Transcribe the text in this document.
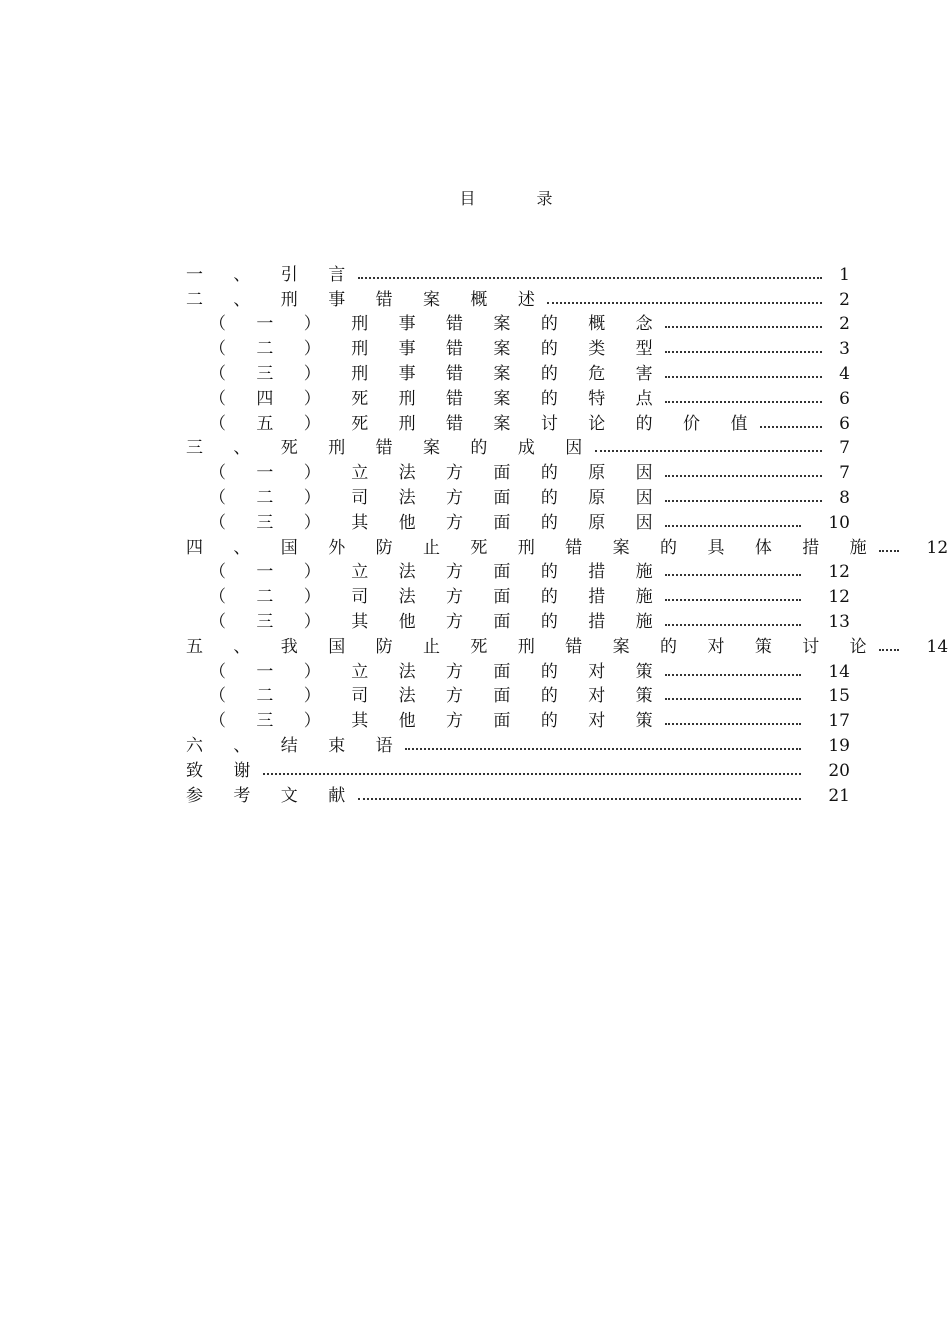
目 录
一 、 引 言	1
二 、 刑 事 错 案 概 述	2
（ 一 ） 刑 事 错 案 的 概 念	2
（ 二 ） 刑 事 错 案 的 类 型	3
（ 三 ） 刑 事 错 案 的 危 害	4
（ 四 ） 死 刑 错 案 的 特 点	6
（ 五 ） 死 刑 错 案 讨 论 的 价 值	6
三 、 死 刑 错 案 的 成 因	7
（ 一 ） 立 法 方 面 的 原 因	7
（ 二 ） 司 法 方 面 的 原 因	8
（ 三 ） 其 他 方 面 的 原 因	10
四 、 国 外 防 止 死 刑 错 案 的 具 体 措 施	12
（ 一 ） 立 法 方 面 的 措 施	12
（ 二 ） 司 法 方 面 的 措 施	12
（ 三 ） 其 他 方 面 的 措 施	13
五 、 我 国 防 止 死 刑 错 案 的 对 策 讨 论	14
（ 一 ） 立 法 方 面 的 对 策	14
（ 二 ） 司 法 方 面 的 对 策	15
（ 三 ） 其 他 方 面 的 对 策	17
六 、 结 束 语	19
致 谢	20
参 考 文 献	21
